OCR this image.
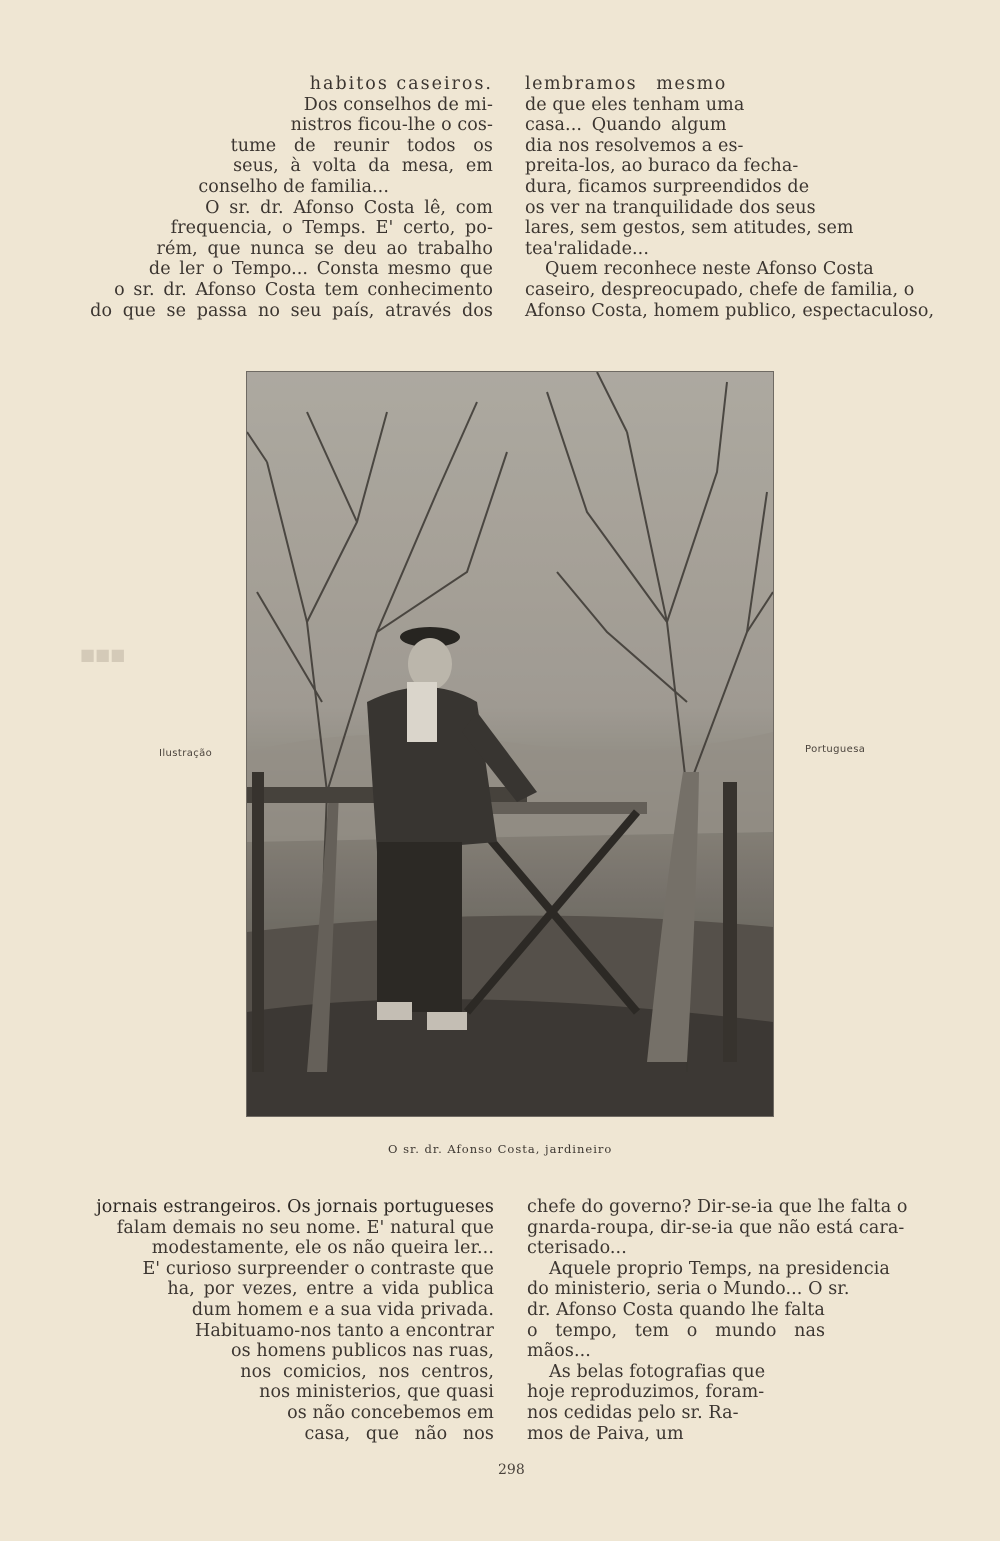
habitos caseiros.
Dos conselhos de mi-
nistros ficou-lhe o cos-
tume de reunir todos os
seus, à volta da mesa, em
conselho de familia...
O sr. dr. Afonso Costa lê, com
frequencia, o Temps. E' certo, po-
rém, que nunca se deu ao trabalho
de ler o Tempo... Consta mesmo que
o sr. dr. Afonso Costa tem conhecimento
do que se passa no seu país, através dos
lembramos mesmo
de que eles tenham uma
casa... Quando algum
dia nos resolvemos a es-
preita-los, ao buraco da fecha-
dura, ficamos surpreendidos de
os ver na tranquilidade dos seus
lares, sem gestos, sem atitudes, sem
tea'ralidade...
Quem reconhece neste Afonso Costa
caseiro, despreocupado, chefe de familia, o
Afonso Costa, homem publico, espectaculoso,
Ilustração	Portuguesa
■■■
O sr. dr. Afonso Costa, jardineiro
jornais estrangeiros. Os jornais portugueses
falam demais no seu nome. E' natural que
modestamente, ele os não queira ler...
E' curioso surpreender o contraste que
ha, por vezes, entre a vida publica
dum homem e a sua vida privada.
Habituamo-nos tanto a encontrar
os homens publicos nas ruas,
nos comicios, nos centros,
nos ministerios, que quasi
os não concebemos em
casa, que não nos
chefe do governo? Dir-se-ia que lhe falta o
gnarda-roupa, dir-se-ia que não está cara-
cterisado...
Aquele proprio Temps, na presidencia
do ministerio, seria o Mundo... O sr.
dr. Afonso Costa quando lhe falta
o tempo, tem o mundo nas
mãos...
As belas fotografias que
hoje reproduzimos, foram-
nos cedidas pelo sr. Ra-
mos de Paiva, um
298
